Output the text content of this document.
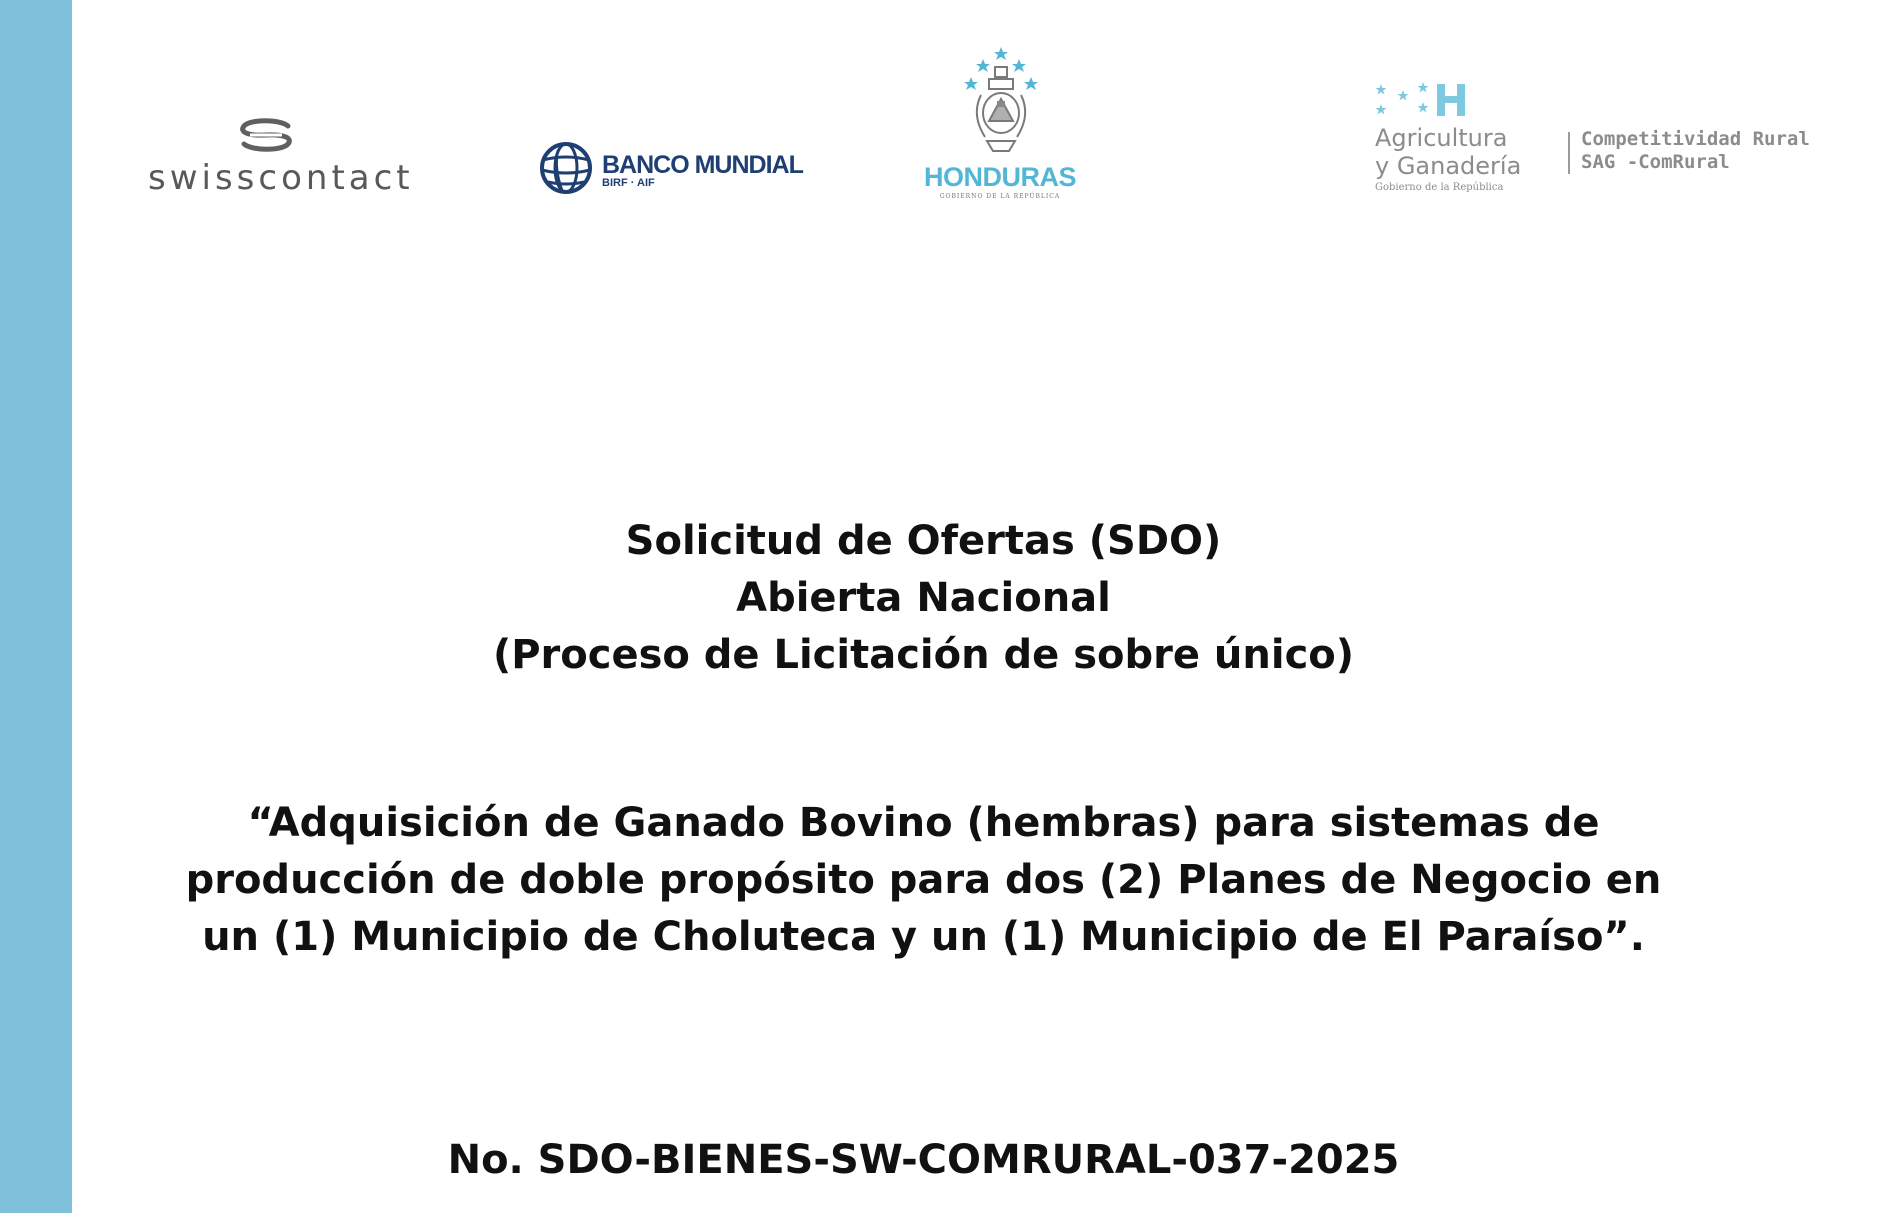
swisscontact	BANCO MUNDIAL
BIRF · AIF	HONDURAS
GOBIERNO DE LA REPÚBLICA
Agricultura
y Ganadería
Competitividad Rural
SAG -ComRural
Gobierno de la República

Solicitud de Ofertas (SDO)

Abierta Nacional

(Proceso de Licitación de sobre único)

“Adquisición de Ganado Bovino (hembras) para sistemas de producción de doble propósito para dos (2) Planes de Negocio en un (1) Municipio de Choluteca y un (1) Municipio de El Paraíso”.

No. SDO-BIENES-SW-COMRURAL-037-2025
